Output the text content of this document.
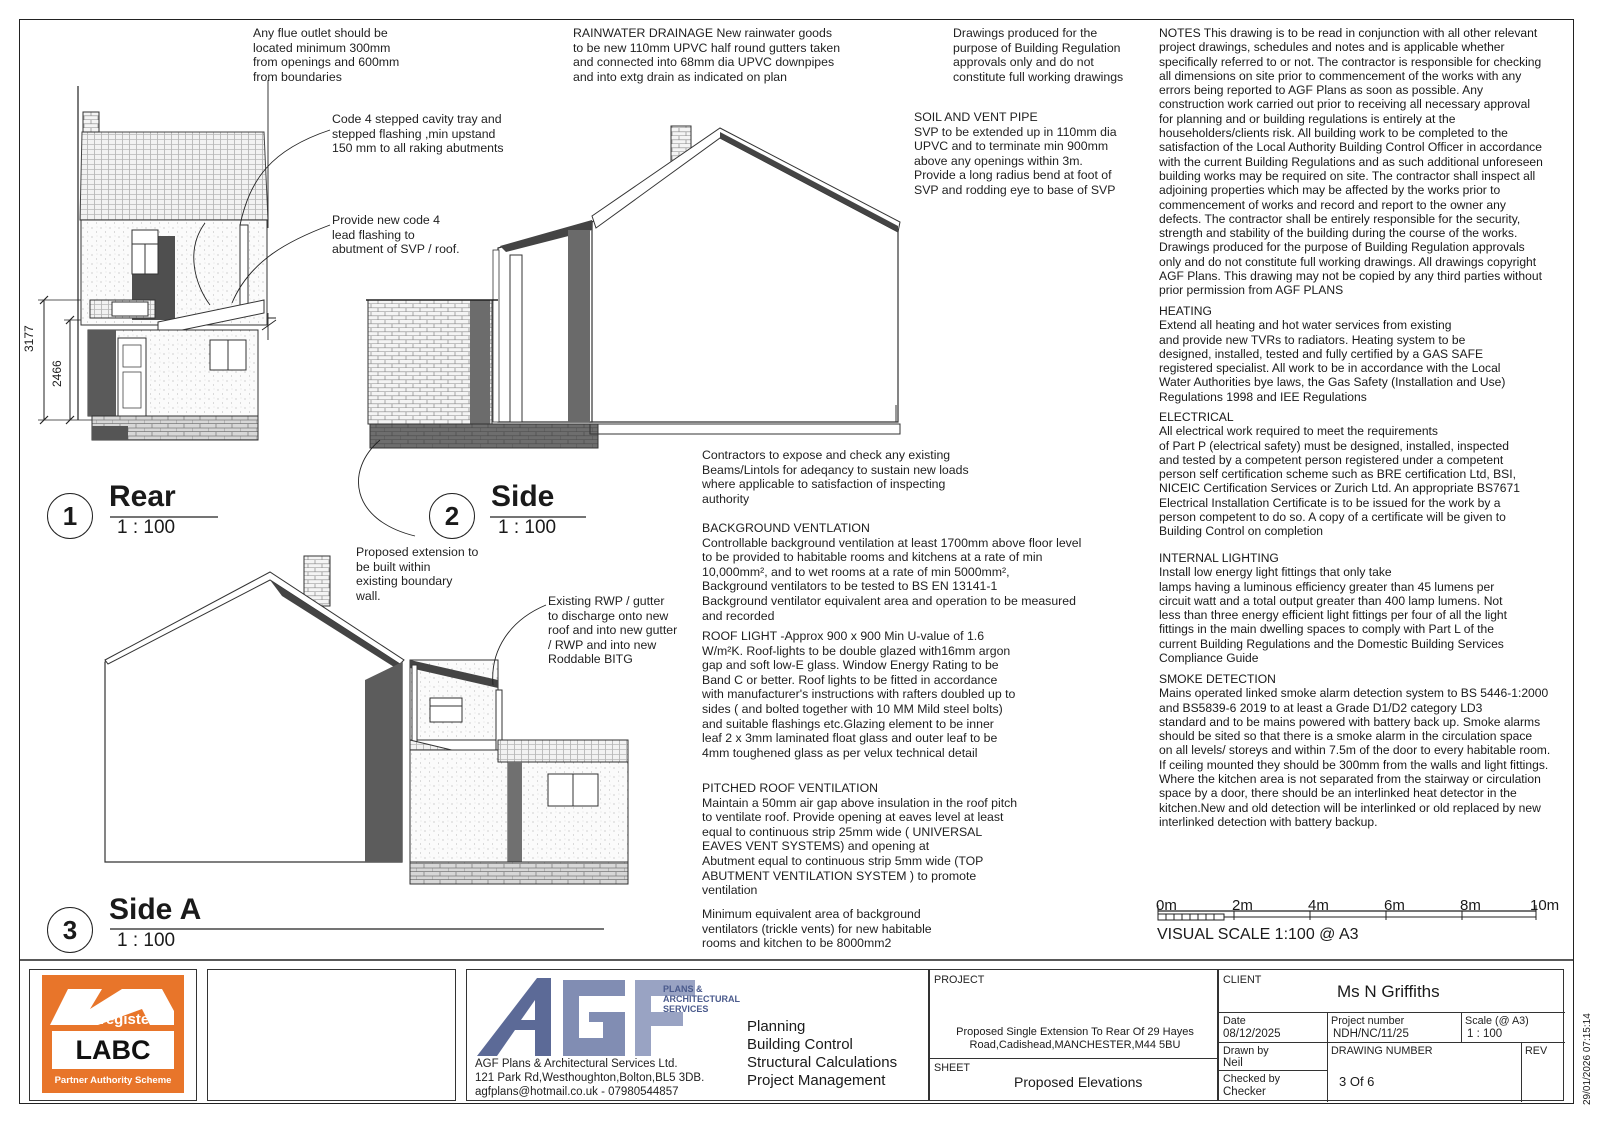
Any flue outlet should be
located minimum 300mm
from openings and 600mm
from boundaries
RAINWATER DRAINAGE New rainwater goods
to be new 110mm UPVC half round gutters taken
and connected into 68mm dia UPVC downpipes
and into extg drain as indicated on plan
Drawings produced for the
purpose of Building Regulation
approvals only and do not
constitute full working drawings
Code 4 stepped cavity tray and
stepped flashing ,min upstand
150 mm to all raking abutments
Provide new code 4
lead flashing to
abutment of SVP / roof.
SOIL AND VENT PIPE
SVP to be extended up in 110mm dia
UPVC and to terminate min 900mm
above any openings within 3m.
Provide a long radius bend at foot of
SVP and rodding eye to base of SVP
Contractors to expose and check any existing
Beams/Lintols for adeqancy to sustain new loads
where applicable to satisfaction of inspecting
authority
BACKGROUND VENTLATION
Controllable background ventilation at least 1700mm above floor level
to be provided to habitable rooms and kitchens at a rate of min
10,000mm², and to wet rooms at a rate of min 5000mm²,
Background ventilators to be tested to BS EN 13141-1
Background ventilator equivalent area and operation to be measured
and recorded
ROOF LIGHT -Approx 900 x 900 Min U-value of 1.6
W/m²K. Roof-lights to be double glazed with16mm argon
gap and soft low-E glass. Window Energy Rating to be
Band C or better. Roof lights to be fitted in accordance
with manufacturer's instructions with rafters doubled up to
sides ( and bolted together with 10 MM Mild steel bolts)
and suitable flashings etc.Glazing element to be inner
leaf 2 x 3mm laminated float glass and outer leaf to be
4mm toughened glass as per velux technical detail
PITCHED ROOF VENTILATION
Maintain a 50mm air gap above insulation in the roof pitch
to ventilate roof. Provide opening at eaves level at least
equal to continuous strip 25mm wide ( UNIVERSAL
EAVES VENT SYSTEMS) and opening at
Abutment equal to continuous strip 5mm wide (TOP
ABUTMENT VENTILATION SYSTEM ) to promote
ventilation
Minimum equivalent area of background
ventilators (trickle vents) for new habitable
rooms and kitchen to be 8000mm2
Proposed extension to
be built within
existing boundary
wall.	Existing RWP / gutter
to discharge onto new
roof and into new gutter
/ RWP and into new
Roddable BITG
3177
2466
NOTES This drawing is to be read in conjunction with all other relevant
project drawings, schedules and notes and is applicable whether
specifically referred to or not. The contractor is responsible for checking
all dimensions on site prior to commencement of the works with any
errors being reported to AGF Plans as soon as possible. Any
construction work carried out prior to receiving all necessary approval
for planning and or building regulations is entirely at the
householders/clients risk. All building work to be completed to the
satisfaction of the Local Authority Building Control Officer in accordance
with the current Building Regulations and as such additional unforeseen
building works may be required on site. The contractor shall inspect all
adjoining properties which may be affected by the works prior to
commencement of works and record and report to the owner any
defects. The contractor shall be entirely responsible for the security,
strength and stability of the building during the course of the works.
Drawings produced for the purpose of Building Regulation approvals
only and do not constitute full working drawings. All drawings copyright
AGF Plans. This drawing may not be copied by any third parties without
prior permission from AGF PLANS
HEATING
Extend all heating and hot water services from existing
and provide new TVRs to radiators. Heating system to be
designed, installed, tested and fully certified by a GAS SAFE
registered specialist. All work to be in accordance with the Local
Water Authorities bye laws, the Gas Safety (Installation and Use)
Regulations 1998 and IEE Regulations
ELECTRICAL
All electrical work required to meet the requirements
of Part P (electrical safety) must be designed, installed, inspected
and tested by a competent person registered under a competent
person self certification scheme such as BRE certification Ltd, BSI,
NICEIC Certification Services or Zurich Ltd. An appropriate BS7671
Electrical Installation Certificate is to be issued for the work by a
person competent to do so. A copy of a certificate will be given to
Building Control on completion
INTERNAL LIGHTING
Install low energy light fittings that only take
lamps having a luminous efficiency greater than 45 lumens per
circuit watt and a total output greater than 400 lamp lumens. Not
less than three energy efficient light fittings per four of all the light
fittings in the main dwelling spaces to comply with Part L of the
current Building Regulations and the Domestic Building Services
Compliance Guide
SMOKE DETECTION
Mains operated linked smoke alarm detection system to BS 5446-1:2000
and BS5839-6 2019 to at least a Grade D1/D2 category LD3
standard and to be mains powered with battery back up. Smoke alarms
should be sited so that there is a smoke alarm in the circulation space
on all levels/ storeys and within 7.5m of the door to every habitable room.
If ceiling mounted they should be 300mm from the walls and light fittings.
Where the kitchen area is not separated from the stairway or circulation
space by a door, there should be an interlinked heat detector in the
kitchen.New and old detection will be interlinked or old replaced by new
interlinked detection with battery backup.
1
Rear
1 : 100	2
Side
1 : 100
3
Side A
1 : 100
0m	2m	4m	6m	8m	10m
VISUAL SCALE 1:100 @ A3
registered
LABC
Partner Authority Scheme
PLANS & ARCHITECTURAL SERVICES
AGF Plans & Architectural Services Ltd.
121 Park Rd,Westhoughton,Bolton,BL5 3DB.
agfplans@hotmail.co.uk - 07980544857
Planning
Building Control
Structural Calculations
Project Management
PROJECT
Proposed Single Extension To Rear Of 29 Hayes
Road,Cadishead,MANCHESTER,M44 5BU
SHEET
Proposed Elevations
CLIENT
Ms N Griffiths
Date
08/12/2025
Project number
NDH/NC/11/25
Scale (@ A3)
1 : 100
Drawn by
Neil
DRAWING NUMBER	REV
Checked by
Checker
3 Of 6	29/01/2026 07:15:14
